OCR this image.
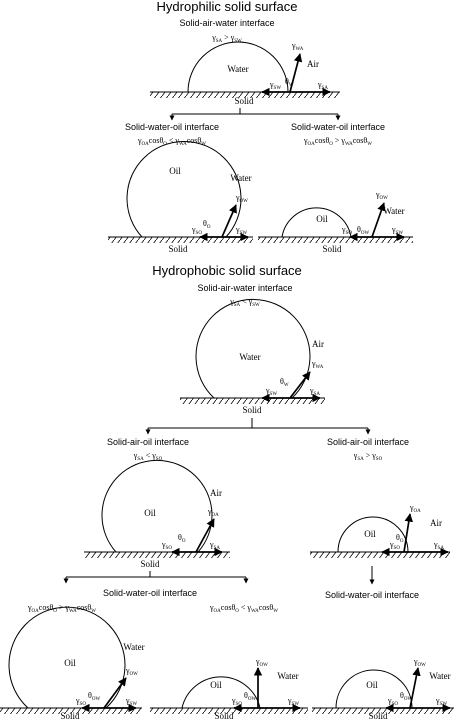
Hydrophilic solid surface
Solid-air-water interface
$\gamma_{SA} > \gamma_{SW}$
Water	Air
Solid
$\gamma_{WA}$
$\gamma_{SA}$
$\gamma_{SW}$
$\theta_W$
Solid-water-oil interface
$\gamma_{OA}\cos\theta_O < \gamma_{WA}\cos\theta_W$
Oil
Water
Solid
$\gamma_{OW}$
$\gamma_{SW}$
$\gamma_{SO}$
$\theta_O$
Solid-water-oil interface
$\gamma_{OA}\cos\theta_O > \gamma_{WA}\cos\theta_W$
Oil
Water
Solid
$\gamma_{OW}$
$\gamma_{SW}$
$\gamma_{SO}$ $\theta_{OW}$
Hydrophobic solid surface
Solid-air-water interface
$\gamma_{SA} < \gamma_{SW}$
Water
Air
Solid
$\gamma_{WA}$
$\gamma_{SA}$
$\gamma_{SW}$
$\theta_W$
Solid-air-oil interface
$\gamma_{SA} < \gamma_{SO}$
Oil
Air
Solid
$\gamma_{OA}$
$\gamma_{SA}$
$\gamma_{SO}$
$\theta_O$
Solid-air-oil interface
$\gamma_{SA} > \gamma_{SO}$
Oil
Air
$\gamma_{OA}$
$\gamma_{SA}$
$\gamma_{SO}$
$\theta_O$
Solid-water-oil interface
Solid-water-oil interface
$\gamma_{OA}\cos\theta_O > \gamma_{WA}\cos\theta_W$	$\gamma_{OA}\cos\theta_O < \gamma_{WA}\cos\theta_W$
Oil
Water
Solid
$\gamma_{OW}$
$\gamma_{SW}$
$\gamma_{SO}$
$\theta_{OW}$
Oil
Water
Solid
$\gamma_{OW}$
$\gamma_{SW}$
$\gamma_{SO}$
$\theta_{OW}$
Oil
Water
Solid
$\gamma_{OW}$
$\gamma_{SW}$
$\gamma_{SO}$
$\theta_{OW}$
